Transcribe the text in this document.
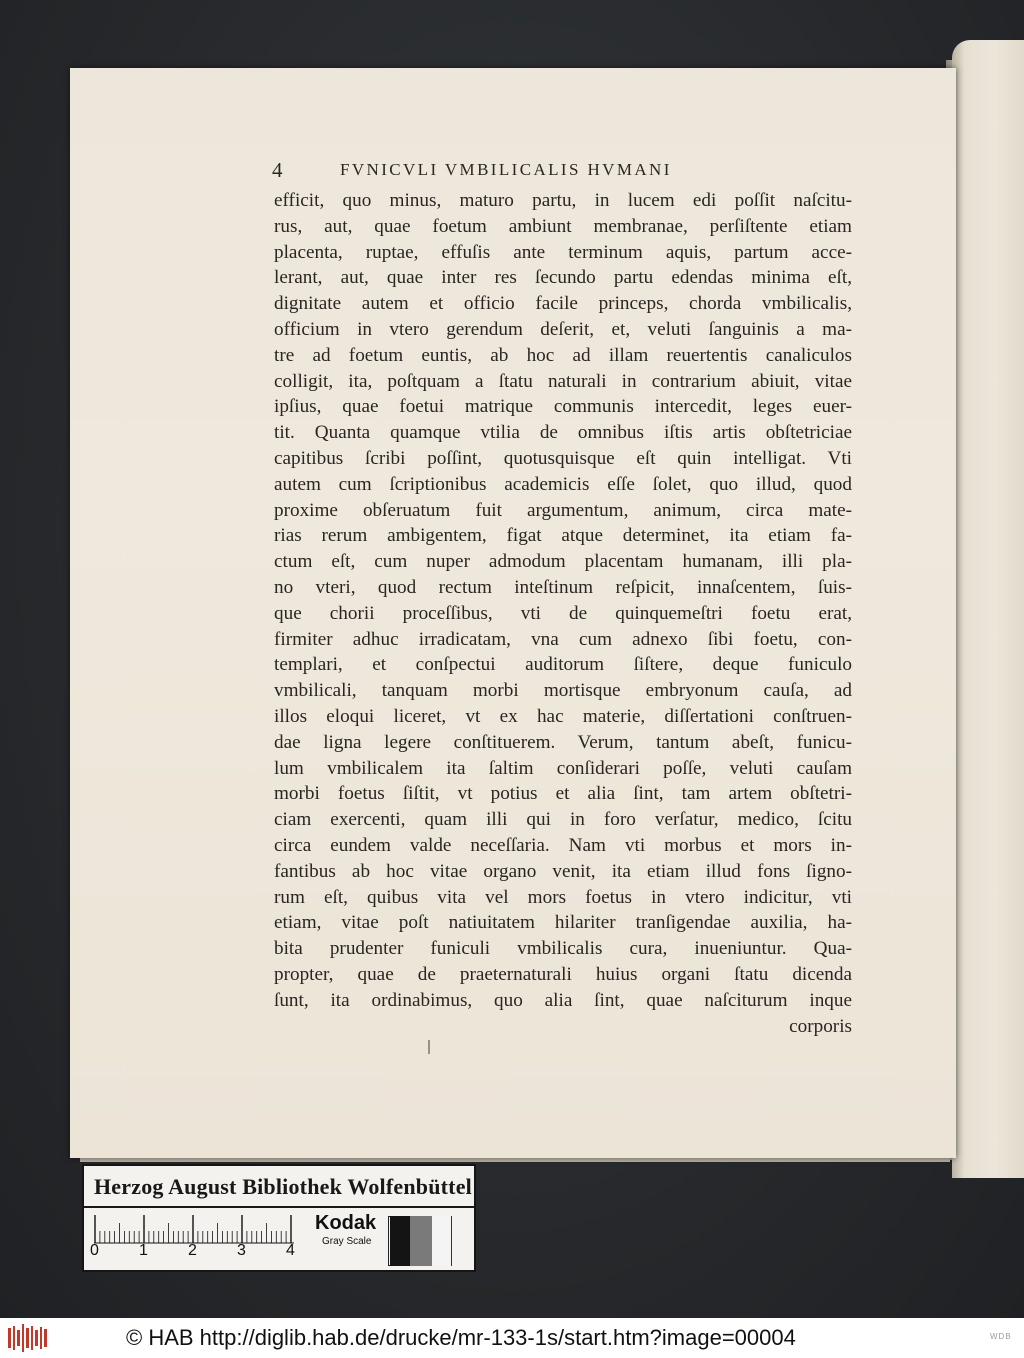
4	FVNICVLI VMBILICALIS HVMANI
efficit, quo minus, maturo partu, in lucem edi poſſit naſcitu-
rus, aut, quae foetum ambiunt membranae, perſiſtente etiam
placenta, ruptae, effuſis ante terminum aquis, partum acce-
lerant, aut, quae inter res ſecundo partu edendas minima eſt,
dignitate autem et officio facile princeps, chorda vmbilicalis,
officium in vtero gerendum deſerit, et, veluti ſanguinis a ma-
tre ad foetum euntis, ab hoc ad illam reuertentis canaliculos
colligit, ita, poſtquam a ſtatu naturali in contrarium abiuit, vitae
ipſius, quae foetui matrique communis intercedit, leges euer-
tit. Quanta quamque vtilia de omnibus iſtis artis obſtetriciae
capitibus ſcribi poſſint, quotusquisque eſt quin intelligat. Vti
autem cum ſcriptionibus academicis eſſe ſolet, quo illud, quod
proxime obſeruatum fuit argumentum, animum, circa mate-
rias rerum ambigentem, figat atque determinet, ita etiam fa-
ctum eſt, cum nuper admodum placentam humanam, illi pla-
no vteri, quod rectum inteſtinum reſpicit, innaſcentem, ſuis-
que chorii proceſſibus, vti de quinquemeſtri foetu erat,
firmiter adhuc irradicatam, vna cum adnexo ſibi foetu, con-
templari, et conſpectui auditorum ſiſtere, deque funiculo
vmbilicali, tanquam morbi mortisque embryonum cauſa, ad
illos eloqui liceret, vt ex hac materie, diſſertationi conſtruen-
dae ligna legere conſtituerem. Verum, tantum abeſt, funicu-
lum vmbilicalem ita ſaltim conſiderari poſſe, veluti cauſam
morbi foetus ſiſtit, vt potius et alia ſint, tam artem obſtetri-
ciam exercenti, quam illi qui in foro verſatur, medico, ſcitu
circa eundem valde neceſſaria. Nam vti morbus et mors in-
fantibus ab hoc vitae organo venit, ita etiam illud fons ſigno-
rum eſt, quibus vita vel mors foetus in vtero indicitur, vti
etiam, vitae poſt natiuitatem hilariter tranſigendae auxilia, ha-
bita prudenter funiculi vmbilicalis cura, inueniuntur. Qua-
propter, quae de praeternaturali huius organi ſtatu dicenda
ſunt, ita ordinabimus, quo alia ſint, quae naſciturum inque
corporis
Herzog August Bibliothek Wolfenbüttel
0	1	2	3	4
Kodak
Gray Scale
© HAB http://diglib.hab.de/drucke/mr-133-1s/start.htm?image=00004	WDB
